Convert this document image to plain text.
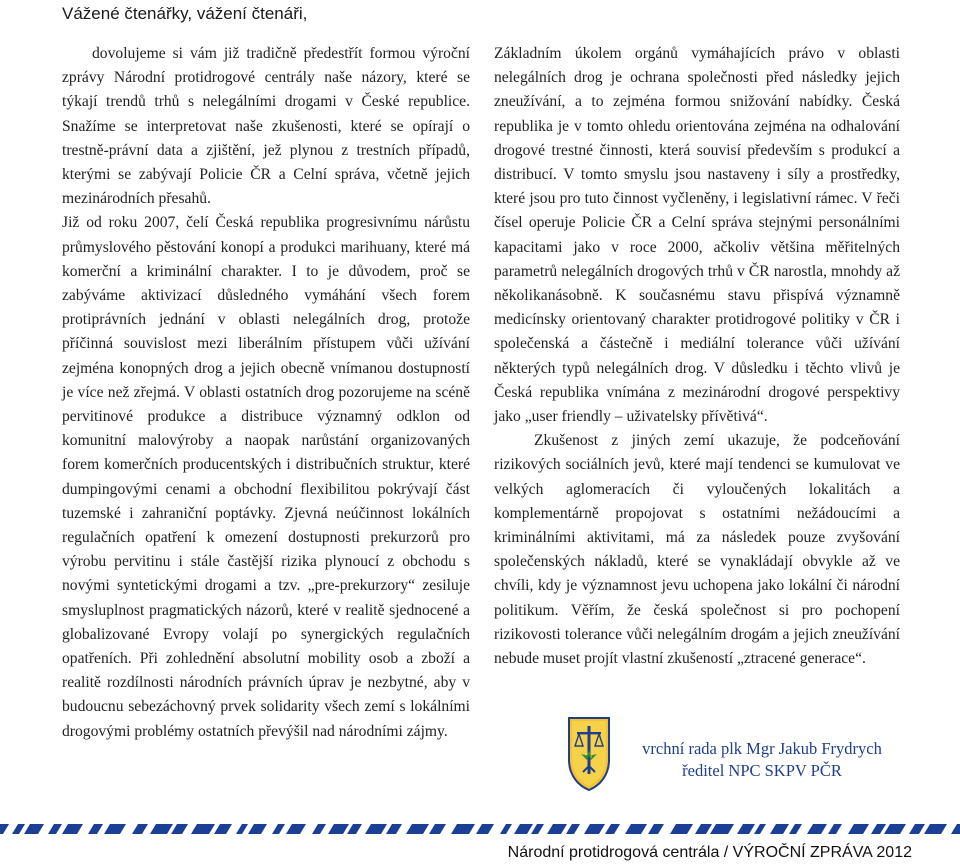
Vážené čtenářky, vážení čtenáři,

dovolujeme si vám již tradičně předestřít formou výroční zprávy Národní protidrogové centrály naše názory, které se týkají trendů trhů s nelegálními drogami v České republice. Snažíme se interpretovat naše zkušenosti, které se opírají o trestně-právní data a zjištění, jež plynou z trestních případů, kterými se zabývají Policie ČR a Celní správa, včetně jejich mezinárodních přesahů.

Již od roku 2007, čelí Česká republika progresivnímu nárůstu průmyslového pěstování konopí a produkci marihuany, které má komerční a kriminální charakter. I to je důvodem, proč se zabýváme aktivizací důsledného vymáhání všech forem protiprávních jednání v oblasti nelegálních drog, protože příčinná souvislost mezi liberálním přístupem vůči užívání zejména konopných drog a jejich obecně vnímanou dostupností je více než zřejmá. V oblasti ostatních drog pozorujeme na scéně pervitinové produkce a distribuce významný odklon od komunitní malovýroby a naopak narůstání organizovaných forem komerčních producentských i distribučních struktur, které dumpingovými cenami a obchodní flexibilitou pokrývají část tuzemské i zahraniční poptávky. Zjevná neúčinnost lokálních regulačních opatření k omezení dostupnosti prekurzorů pro výrobu pervitinu i stále častější rizika plynoucí z obchodu s novými syntetickými drogami a tzv. „pre-prekurzory“ zesiluje smysluplnost pragmatických názorů, které v realitě sjednocené a globalizované Evropy volají po synergických regulačních opatřeních. Při zohlednění absolutní mobility osob a zboží a realitě rozdílnosti národních právních úprav je nezbytné, aby v budoucnu sebezáchovný prvek solidarity všech zemí s lokálními drogovými problémy ostatních převýšil nad národními zájmy.

Základním úkolem orgánů vymáhajících právo v oblasti nelegálních drog je ochrana společnosti před následky jejich zneužívání, a to zejména formou snižování nabídky. Česká republika je v tomto ohledu orientována zejména na odhalování drogové trestné činnosti, která souvisí především s produkcí a distribucí. V tomto smyslu jsou nastaveny i síly a prostředky, které jsou pro tuto činnost vyčleněny, i legislativní rámec. V řeči čísel operuje Policie ČR a Celní správa stejnými personálními kapacitami jako v roce 2000, ačkoliv většina měřitelných parametrů nelegálních drogových trhů v ČR narostla, mnohdy až několikanásobně. K současnému stavu přispívá významně medicínsky orientovaný charakter protidrogové politiky v ČR i společenská a částečně i mediální tolerance vůči užívání některých typů nelegálních drog. V důsledku i těchto vlivů je Česká republika vnímána z mezinárodní drogové perspektivy jako „user friendly – uživatelsky přívětivá“.

Zkušenost z jiných zemí ukazuje, že podceňování rizikových sociálních jevů, které mají tendenci se kumulovat ve velkých aglomeracích či vyloučených lokalitách a komplementárně propojovat s ostatními nežádoucími a kriminálními aktivitami, má za následek pouze zvyšování společenských nákladů, které se vynakládají obvykle až ve chvíli, kdy je významnost jevu uchopena jako lokální či národní politikum. Věřím, že česká společnost si pro pochopení rizikovosti tolerance vůči nelegálním drogám a jejich zneužívání nebude muset projít vlastní zkušeností „ztracené generace“.

vrchní rada plk Mgr Jakub Frydrych
ředitel NPC SKPV PČR
Národní protidrogová centrála / VÝROČNÍ ZPRÁVA 2012
